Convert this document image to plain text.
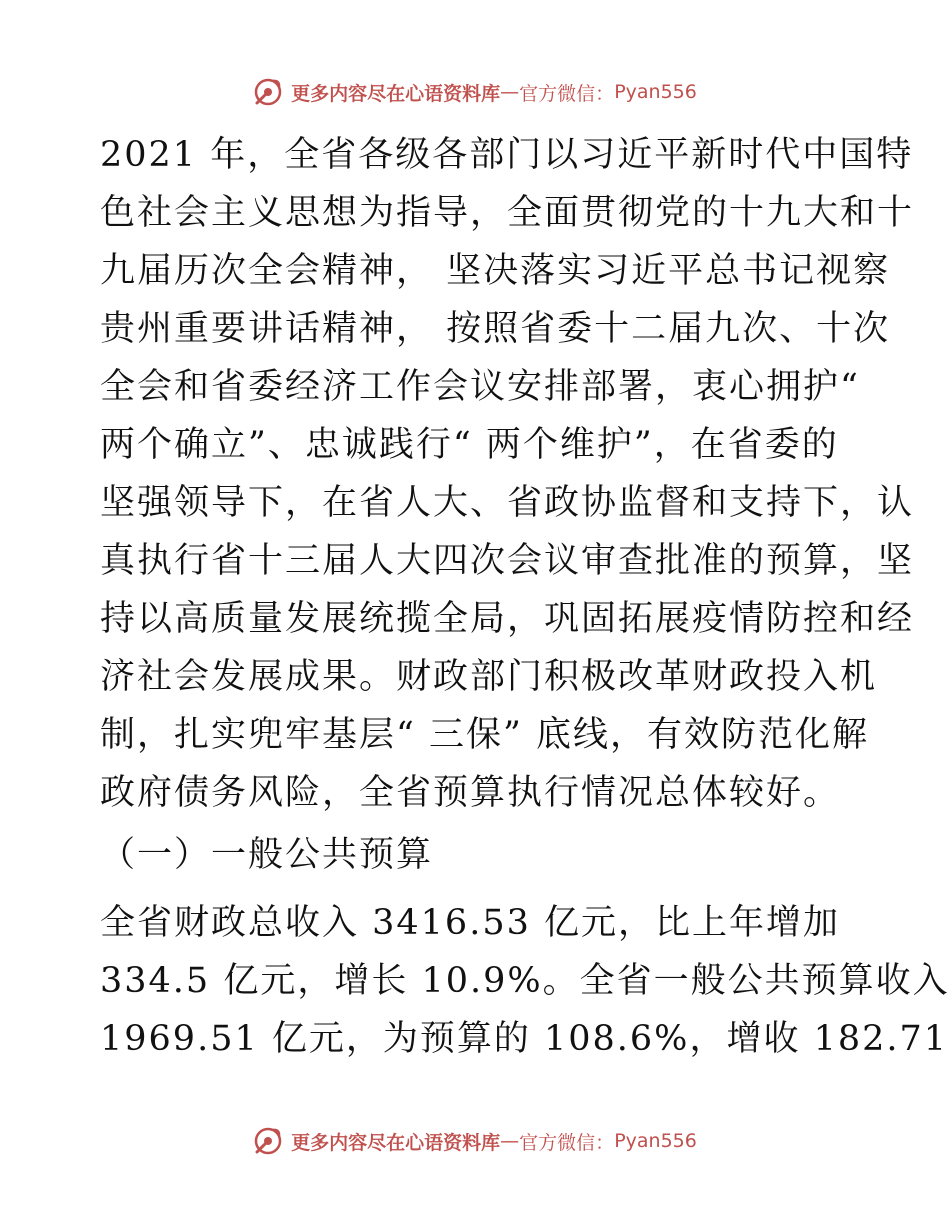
更多内容尽在心语资料库 — 官方微信： Pyan556
2021 年，全省各级各部门以习近平新时代中国特
色社会主义思想为指导，全面贯彻党的十九大和十
九届历次全会精神， 坚决落实习近平总书记视察
贵州重要讲话精神， 按照省委十二届九次、十次
全会和省委经济工作会议安排部署，衷心拥护“
两个确立”、忠诚践行“ 两个维护”，在省委的
坚强领导下，在省人大、省政协监督和支持下，认
真执行省十三届人大四次会议审查批准的预算，坚
持以高质量发展统揽全局，巩固拓展疫情防控和经
济社会发展成果。财政部门积极改革财政投入机
制，扎实兜牢基层“ 三保” 底线，有效防范化解
政府债务风险，全省预算执行情况总体较好。
（一）一般公共预算
全省财政总收入 3416.53 亿元，比上年增加
334.5 亿元，增长 10.9%。全省一般公共预算收入
1969.51 亿元，为预算的 108.6%，增收 182.71
更多内容尽在心语资料库 — 官方微信： Pyan556
